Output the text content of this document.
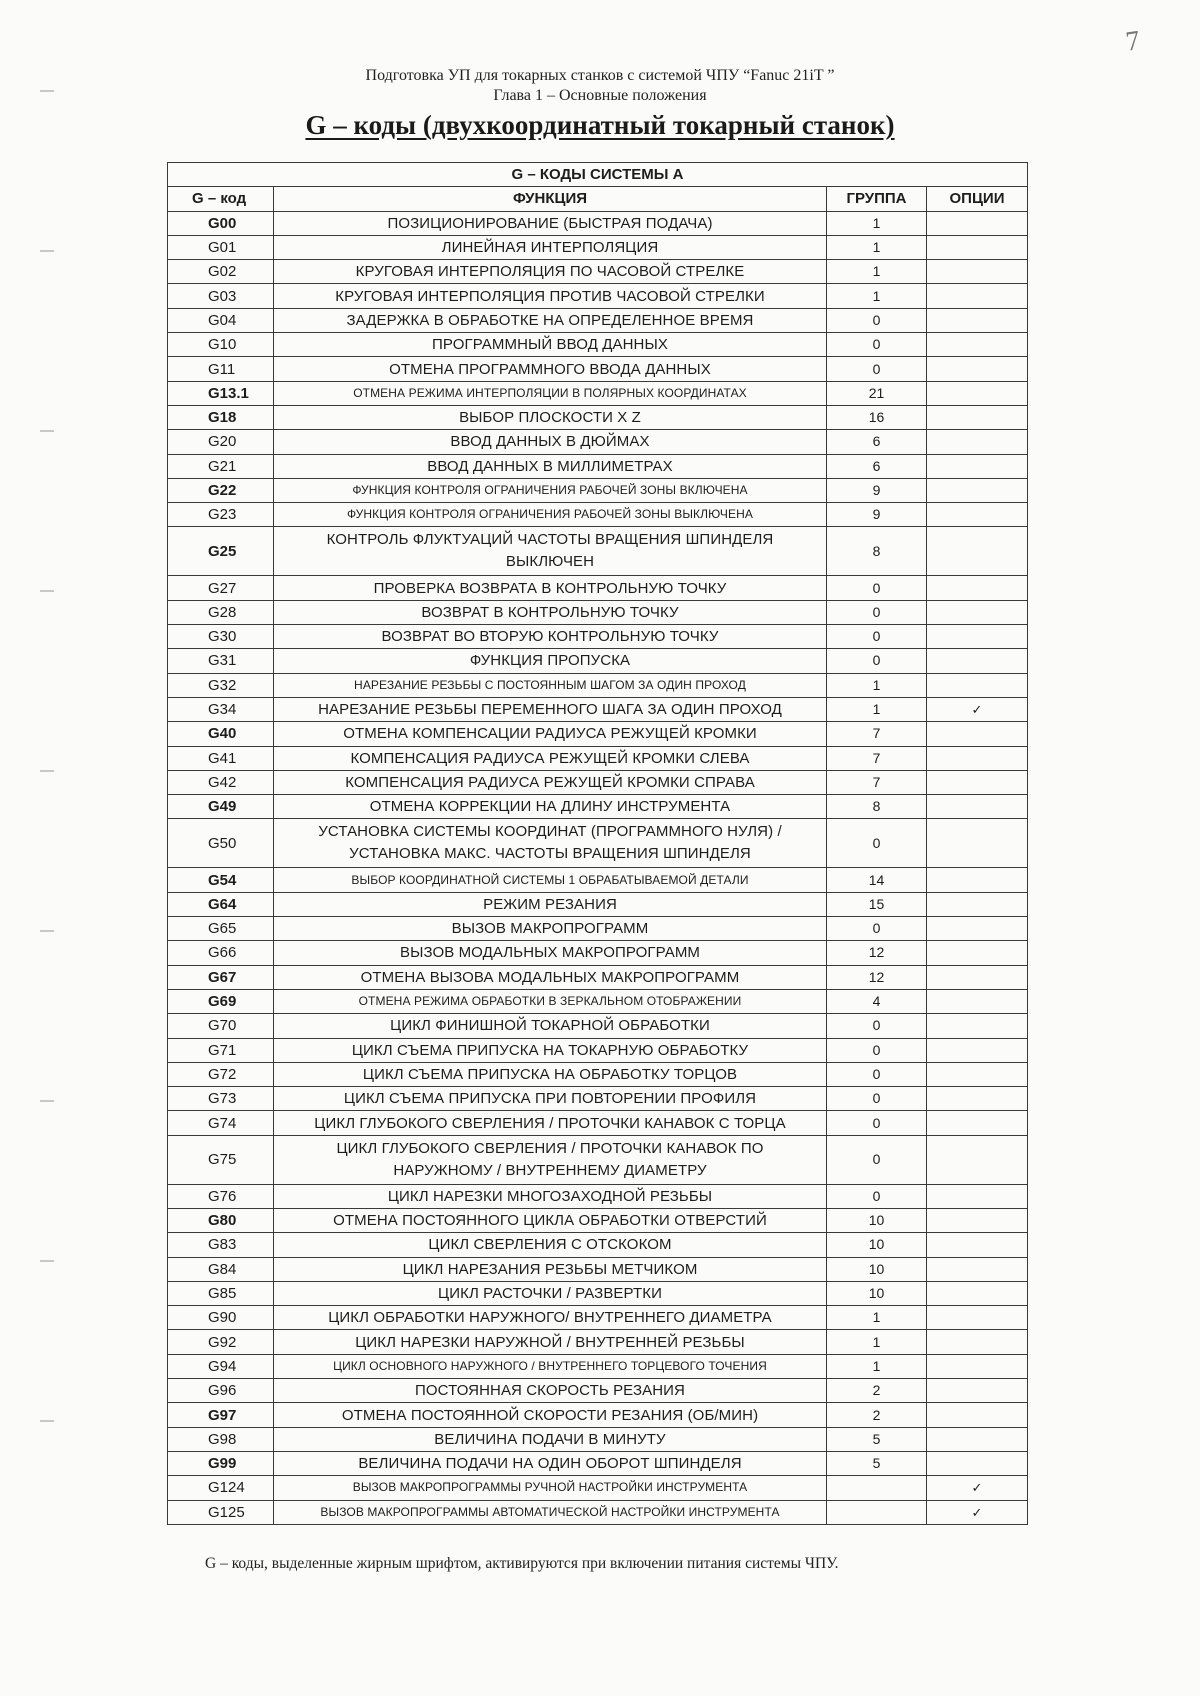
7
Подготовка УП для токарных станков с системой ЧПУ “Fanuc 21iT ”
Глава 1 – Основные положения
G – коды (двухкоординатный токарный станок)
G – КОДЫ СИСТЕМЫ А			
G – код	ФУНКЦИЯ	ГРУППА	ОПЦИИ
G00	ПОЗИЦИОНИРОВАНИЕ (БЫСТРАЯ ПОДАЧА)	1	
G01	ЛИНЕЙНАЯ ИНТЕРПОЛЯЦИЯ	1	
G02	КРУГОВАЯ ИНТЕРПОЛЯЦИЯ ПО ЧАСОВОЙ СТРЕЛКЕ	1	
G03	КРУГОВАЯ ИНТЕРПОЛЯЦИЯ ПРОТИВ ЧАСОВОЙ СТРЕЛКИ	1	
G04	ЗАДЕРЖКА В ОБРАБОТКЕ НА ОПРЕДЕЛЕННОЕ ВРЕМЯ	0	
G10	ПРОГРАММНЫЙ ВВОД ДАННЫХ	0	
G11	ОТМЕНА ПРОГРАММНОГО ВВОДА ДАННЫХ	0	
G13.1	ОТМЕНА РЕЖИМА ИНТЕРПОЛЯЦИИ В ПОЛЯРНЫХ КООРДИНАТАХ	21	
G18	ВЫБОР ПЛОСКОСТИ X Z	16	
G20	ВВОД ДАННЫХ В ДЮЙМАХ	6	
G21	ВВОД ДАННЫХ В МИЛЛИМЕТРАХ	6	
G22	ФУНКЦИЯ КОНТРОЛЯ ОГРАНИЧЕНИЯ РАБОЧЕЙ ЗОНЫ ВКЛЮЧЕНА	9	
G23	ФУНКЦИЯ КОНТРОЛЯ ОГРАНИЧЕНИЯ РАБОЧЕЙ ЗОНЫ ВЫКЛЮЧЕНА	9	
G25	КОНТРОЛЬ ФЛУКТУАЦИЙ ЧАСТОТЫ ВРАЩЕНИЯ ШПИНДЕЛЯ
ВЫКЛЮЧЕН	8	
G27	ПРОВЕРКА ВОЗВРАТА В КОНТРОЛЬНУЮ ТОЧКУ	0	
G28	ВОЗВРАТ В КОНТРОЛЬНУЮ ТОЧКУ	0	
G30	ВОЗВРАТ ВО ВТОРУЮ КОНТРОЛЬНУЮ ТОЧКУ	0	
G31	ФУНКЦИЯ ПРОПУСКА	0	
G32	НАРЕЗАНИЕ РЕЗЬБЫ С ПОСТОЯННЫМ ШАГОМ ЗА ОДИН ПРОХОД	1	
G34	НАРЕЗАНИЕ РЕЗЬБЫ ПЕРЕМЕННОГО ШАГА ЗА ОДИН ПРОХОД	1	✓
G40	ОТМЕНА КОМПЕНСАЦИИ РАДИУСА РЕЖУЩЕЙ КРОМКИ	7	
G41	КОМПЕНСАЦИЯ РАДИУСА РЕЖУЩЕЙ КРОМКИ СЛЕВА	7	
G42	КОМПЕНСАЦИЯ РАДИУСА РЕЖУЩЕЙ КРОМКИ СПРАВА	7	
G49	ОТМЕНА КОРРЕКЦИИ НА ДЛИНУ ИНСТРУМЕНТА	8	
G50	УСТАНОВКА СИСТЕМЫ КООРДИНАТ (ПРОГРАММНОГО НУЛЯ) /
УСТАНОВКА МАКС. ЧАСТОТЫ ВРАЩЕНИЯ ШПИНДЕЛЯ	0	
G54	ВЫБОР КООРДИНАТНОЙ СИСТЕМЫ 1 ОБРАБАТЫВАЕМОЙ ДЕТАЛИ	14	
G64	РЕЖИМ РЕЗАНИЯ	15	
G65	ВЫЗОВ МАКРОПРОГРАММ	0	
G66	ВЫЗОВ МОДАЛЬНЫХ МАКРОПРОГРАММ	12	
G67	ОТМЕНА ВЫЗОВА МОДАЛЬНЫХ МАКРОПРОГРАММ	12	
G69	ОТМЕНА РЕЖИМА ОБРАБОТКИ В ЗЕРКАЛЬНОМ ОТОБРАЖЕНИИ	4	
G70	ЦИКЛ ФИНИШНОЙ ТОКАРНОЙ ОБРАБОТКИ	0	
G71	ЦИКЛ СЪЕМА ПРИПУСКА НА ТОКАРНУЮ ОБРАБОТКУ	0	
G72	ЦИКЛ СЪЕМА ПРИПУСКА НА ОБРАБОТКУ ТОРЦОВ	0	
G73	ЦИКЛ СЪЕМА ПРИПУСКА ПРИ ПОВТОРЕНИИ ПРОФИЛЯ	0	
G74	ЦИКЛ ГЛУБОКОГО СВЕРЛЕНИЯ / ПРОТОЧКИ КАНАВОК С ТОРЦА	0	
G75	ЦИКЛ ГЛУБОКОГО СВЕРЛЕНИЯ / ПРОТОЧКИ КАНАВОК ПО
НАРУЖНОМУ / ВНУТРЕННЕМУ ДИАМЕТРУ	0	
G76	ЦИКЛ НАРЕЗКИ МНОГОЗАХОДНОЙ РЕЗЬБЫ	0	
G80	ОТМЕНА ПОСТОЯННОГО ЦИКЛА ОБРАБОТКИ ОТВЕРСТИЙ	10	
G83	ЦИКЛ СВЕРЛЕНИЯ С ОТСКОКОМ	10	
G84	ЦИКЛ НАРЕЗАНИЯ РЕЗЬБЫ МЕТЧИКОМ	10	
G85	ЦИКЛ РАСТОЧКИ / РАЗВЕРТКИ	10	
G90	ЦИКЛ ОБРАБОТКИ НАРУЖНОГО/ ВНУТРЕННЕГО ДИАМЕТРА	1	
G92	ЦИКЛ НАРЕЗКИ НАРУЖНОЙ / ВНУТРЕННЕЙ РЕЗЬБЫ	1	
G94	ЦИКЛ ОСНОВНОГО НАРУЖНОГО / ВНУТРЕННЕГО ТОРЦЕВОГО ТОЧЕНИЯ	1	
G96	ПОСТОЯННАЯ СКОРОСТЬ РЕЗАНИЯ	2	
G97	ОТМЕНА ПОСТОЯННОЙ СКОРОСТИ РЕЗАНИЯ (ОБ/МИН)	2	
G98	ВЕЛИЧИНА ПОДАЧИ В МИНУТУ	5	
G99	ВЕЛИЧИНА ПОДАЧИ НА ОДИН ОБОРОТ ШПИНДЕЛЯ	5	
G124	ВЫЗОВ МАКРОПРОГРАММЫ РУЧНОЙ НАСТРОЙКИ ИНСТРУМЕНТА		✓
G125	ВЫЗОВ МАКРОПРОГРАММЫ АВТОМАТИЧЕСКОЙ НАСТРОЙКИ ИНСТРУМЕНТА		✓
G – коды, выделенные жирным шрифтом, активируются при включении питания системы ЧПУ.
